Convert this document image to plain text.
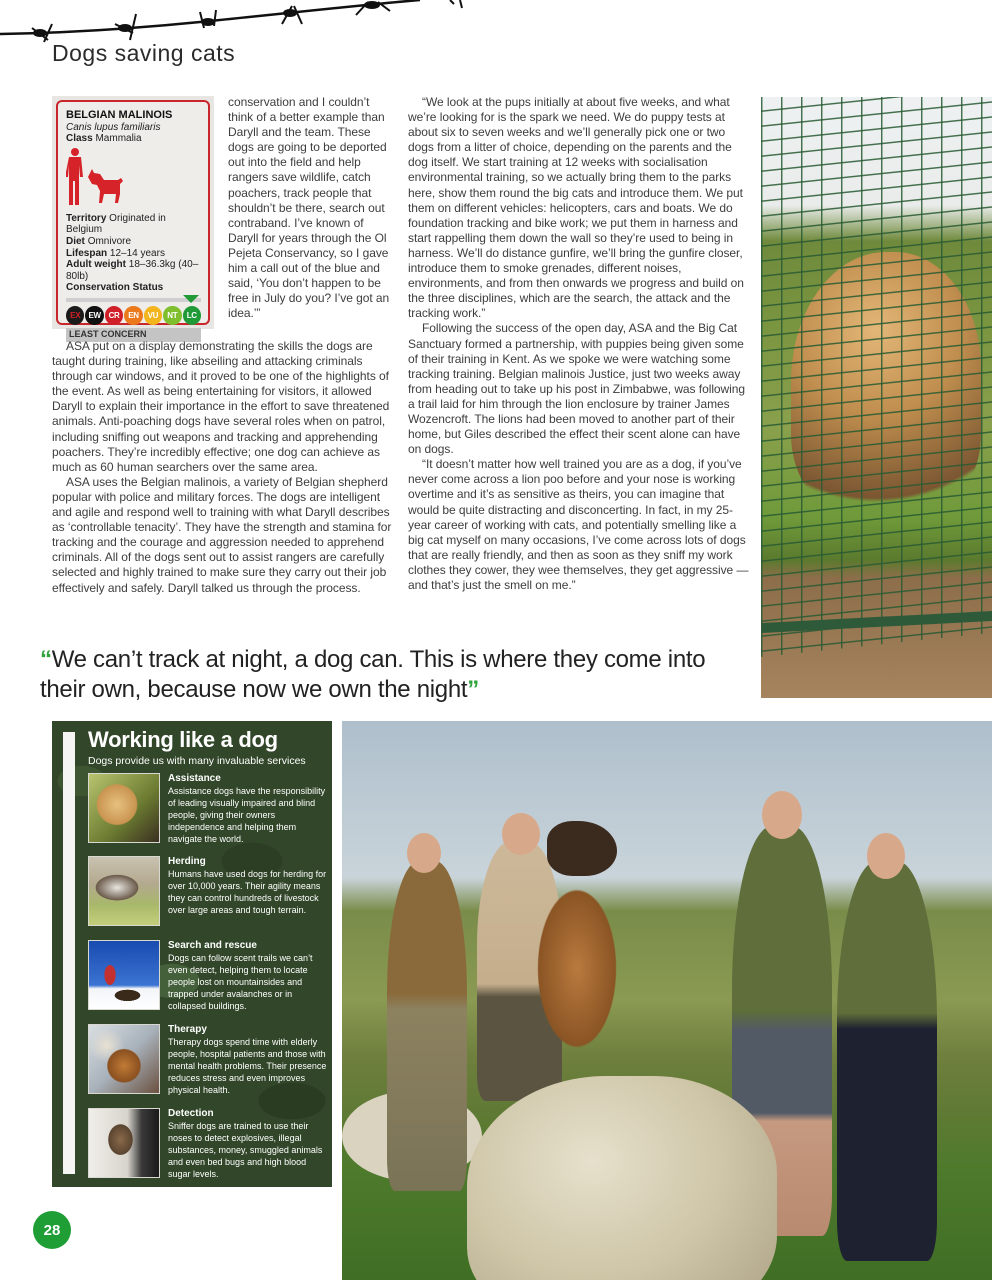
Dogs saving cats
BELGIAN MALINOIS
Canis lupus familiaris
Class Mammalia
Territory Originated in Belgium
Diet Omnivore
Lifespan 12–14 years
Adult weight 18–36.3kg (40–80lb)
Conservation Status
EX	EW CR	EN	VU	NT	LC
LEAST CONCERN

conservation and I couldn’t think of a better example than Daryll and the team. These dogs are going to be deported out into the field and help rangers save wildlife, catch poachers, track people that shouldn’t be there, search out contraband. I’ve known of Daryll for years through the Ol Pejeta Conservancy, so I gave him a call out of the blue and said, ‘You don’t happen to be free in July do you? I’ve got an idea.’”

ASA put on a display demonstrating the skills the dogs are taught during training, like abseiling and attacking criminals through car windows, and it proved to be one of the highlights of the event. As well as being entertaining for visitors, it allowed Daryll to explain their importance in the effort to save threatened animals. Anti-poaching dogs have several roles when on patrol, including sniffing out weapons and tracking and apprehending poachers. They’re incredibly effective; one dog can achieve as much as 60 human searchers over the same area.

ASA uses the Belgian malinois, a variety of Belgian shepherd popular with police and military forces. The dogs are intelligent and agile and respond well to training with what Daryll describes as ‘controllable tenacity’. They have the strength and stamina for tracking and the courage and aggression needed to apprehend criminals. All of the dogs sent out to assist rangers are carefully selected and highly trained to make sure they carry out their job effectively and safely. Daryll talked us through the process.

“We look at the pups initially at about five weeks, and what we’re looking for is the spark we need. We do puppy tests at about six to seven weeks and we’ll generally pick one or two dogs from a litter of choice, depending on the parents and the dog itself. We start training at 12 weeks with socialisation environmental training, so we actually bring them to the parks here, show them round the big cats and introduce them. We put them on different vehicles: helicopters, cars and boats. We do foundation tracking and bike work; we put them in harness and start rappelling them down the wall so they’re used to being in harness. We’ll do distance gunfire, we’ll bring the gunfire closer, introduce them to smoke grenades, different noises, environments, and from then onwards we progress and build on the three disciplines, which are the search, the attack and the tracking work.”

Following the success of the open day, ASA and the Big Cat Sanctuary formed a partnership, with puppies being given some of their training in Kent. As we spoke we were watching some tracking training. Belgian malinois Justice, just two weeks away from heading out to take up his post in Zimbabwe, was following a trail laid for him through the lion enclosure by trainer James Wozencroft. The lions had been moved to another part of their home, but Giles described the effect their scent alone can have on dogs.

“It doesn’t matter how well trained you are as a dog, if you’ve never come across a lion poo before and your nose is working overtime and it’s as sensitive as theirs, you can imagine that would be quite distracting and disconcerting. In fact, in my 25-year career of working with cats, and potentially smelling like a big cat myself on many occasions, I’ve come across lots of dogs that are really friendly, and then as soon as they sniff my work clothes they cower, they wee themselves, they get aggressive — and that’s just the smell on me.”

“We can’t track at night, a dog can. This is where they come into their own, because now we own the night”
Working like a dog
Dogs provide us with many invaluable services
Assistance
Assistance dogs have the responsibility of leading visually impaired and blind people, giving their owners independence and helping them navigate the world.
Herding
Humans have used dogs for herding for over 10,000 years. Their agility means they can control hundreds of livestock over large areas and tough terrain.
Search and rescue
Dogs can follow scent trails we can’t even detect, helping them to locate people lost on mountainsides and trapped under avalanches or in collapsed buildings.
Therapy
Therapy dogs spend time with elderly people, hospital patients and those with mental health problems. Their presence reduces stress and even improves physical health.
Detection
Sniffer dogs are trained to use their noses to detect explosives, illegal substances, money, smuggled animals and even bed bugs and high blood sugar levels.
28
